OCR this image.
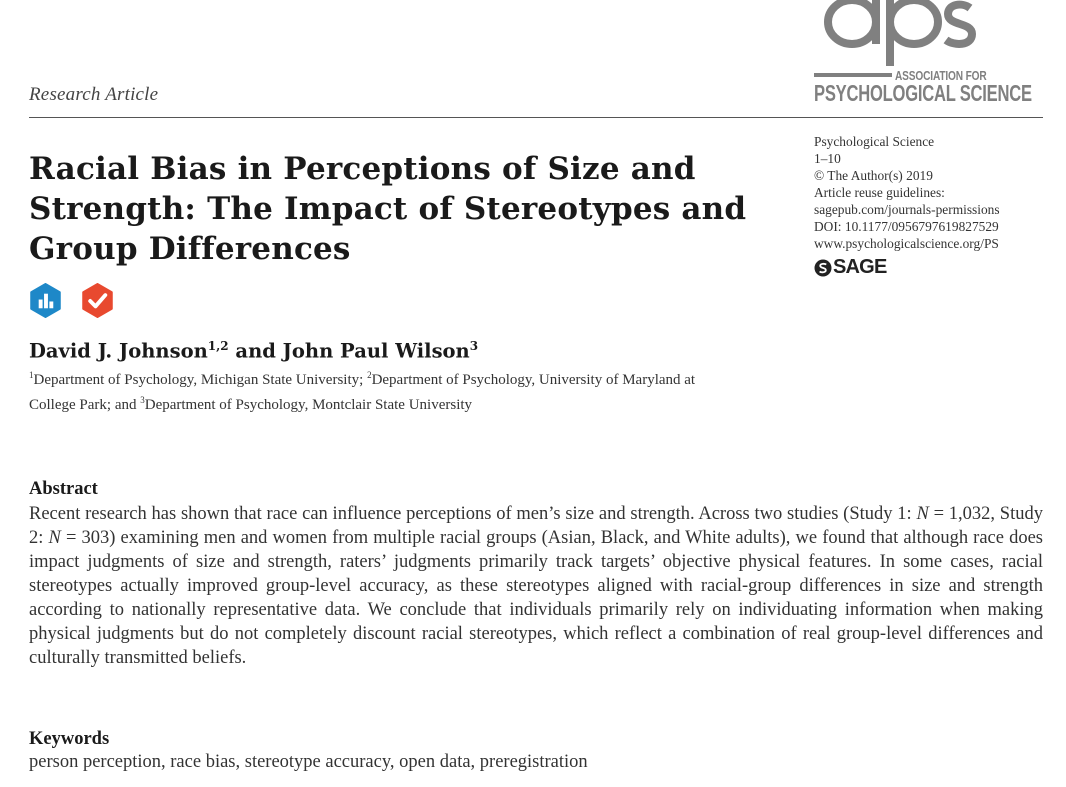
Research Article
ASSOCIATION FOR
PSYCHOLOGICAL SCIENCE
Psychological Science
1–10
© The Author(s) 2019
Article reuse guidelines:
sagepub.com/journals-permissions
DOI: 10.1177/0956797619827529
www.psychologicalscience.org/PS
SAGE
Racial Bias in Perceptions of Size and Strength: The Impact of Stereotypes and Group Differences
David J. Johnson$^{1,2}$ and John Paul Wilson$^3$
$^1$Department of Psychology, Michigan State University; $^2$Department of Psychology, University of Maryland at College Park; and $^3$Department of Psychology, Montclair State University
Abstract
Recent research has shown that race can influence perceptions of men’s size and strength. Across two studies (Study 1: N = 1,032, Study 2: N = 303) examining men and women from multiple racial groups (Asian, Black, and White adults), we found that although race does impact judgments of size and strength, raters’ judgments primarily track targets’ objective physical features. In some cases, racial stereotypes actually improved group-level accuracy, as these stereotypes aligned with racial-group differences in size and strength according to nationally representative data. We conclude that individuals primarily rely on individuating information when making physical judgments but do not completely discount racial stereotypes, which reflect a combination of real group-level differences and culturally transmitted beliefs.
Keywords
person perception, race bias, stereotype accuracy, open data, preregistration
